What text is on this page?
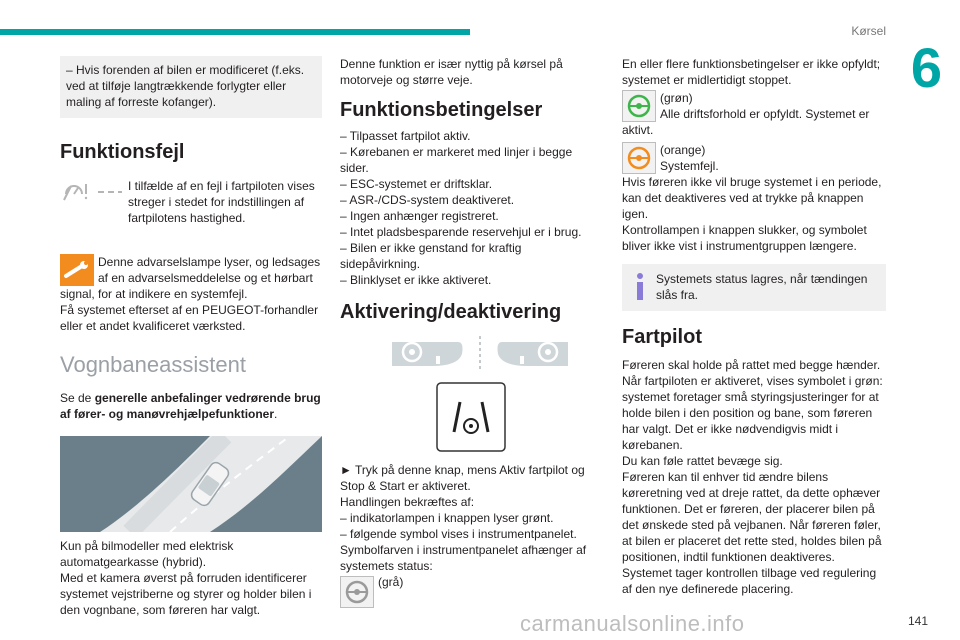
Kørsel
6

– Hvis forenden af bilen er modificeret (f.eks. ved at tilføje langtrækkende forlygter eller maling af forreste kofanger).

Funktionsfejl

I tilfælde af en fejl i fartpiloten vises streger i stedet for indstillingen af fartpilotens hastighed.

Denne advarselslampe lyser, og ledsages af en advarselsmeddelelse og et hørbart signal, for at indikere en systemfejl.

Få systemet efterset af en PEUGEOT-forhandler eller et andet kvalificeret værksted.

Vognbaneassistent

Se de generelle anbefalinger vedrørende brug af fører- og manøvrehjælpefunktioner.

Kun på bilmodeller med elektrisk automatgearkasse (hybrid).

Med et kamera øverst på forruden identificerer systemet vejstriberne og styrer og holder bilen i den vognbane, som føreren har valgt.

Denne funktion er især nyttig på kørsel på motorveje og større veje.

Funktionsbetingelser

– Tilpasset fartpilot aktiv.

– Kørebanen er markeret med linjer i begge sider.

– ESC-systemet er driftsklar.

– ASR-/CDS-system deaktiveret.

– Ingen anhænger registreret.

– Intet pladsbesparende reservehjul er i brug.

– Bilen er ikke genstand for kraftig sidepåvirkning.

– Blinklyset er ikke aktiveret.

Aktivering/deaktivering

► Tryk på denne knap, mens Aktiv fartpilot og Stop & Start er aktiveret.

Handlingen bekræftes af:

– indikatorlampen i knappen lyser grønt.

– følgende symbol vises i instrumentpanelet.

Symbolfarven i instrumentpanelet afhænger af systemets status:

(grå)

En eller flere funktionsbetingelser er ikke opfyldt; systemet er midlertidigt stoppet.

(grøn)

Alle driftsforhold er opfyldt. Systemet er aktivt.

(orange)

Systemfejl.

Hvis føreren ikke vil bruge systemet i en periode, kan det deaktiveres ved at trykke på knappen igen.

Kontrollampen i knappen slukker, og symbolet bliver ikke vist i instrumentgruppen længere.

Systemets status lagres, når tændingen slås fra.

Fartpilot

Føreren skal holde på rattet med begge hænder. Når fartpiloten er aktiveret, vises symbolet i grøn: systemet foretager små styringsjusteringer for at holde bilen i den position og bane, som føreren har valgt. Det er ikke nødvendigvis midt i kørebanen.

Du kan føle rattet bevæge sig.

Føreren kan til enhver tid ændre bilens køreretning ved at dreje rattet, da dette ophæver funktionen. Det er føreren, der placerer bilen på det ønskede sted på vejbanen. Når føreren føler, at bilen er placeret det rette sted, holdes bilen på positionen, indtil funktionen deaktiveres. Systemet tager kontrollen tilbage ved regulering af den nye definerede placering.

carmanualsonline.info	141
